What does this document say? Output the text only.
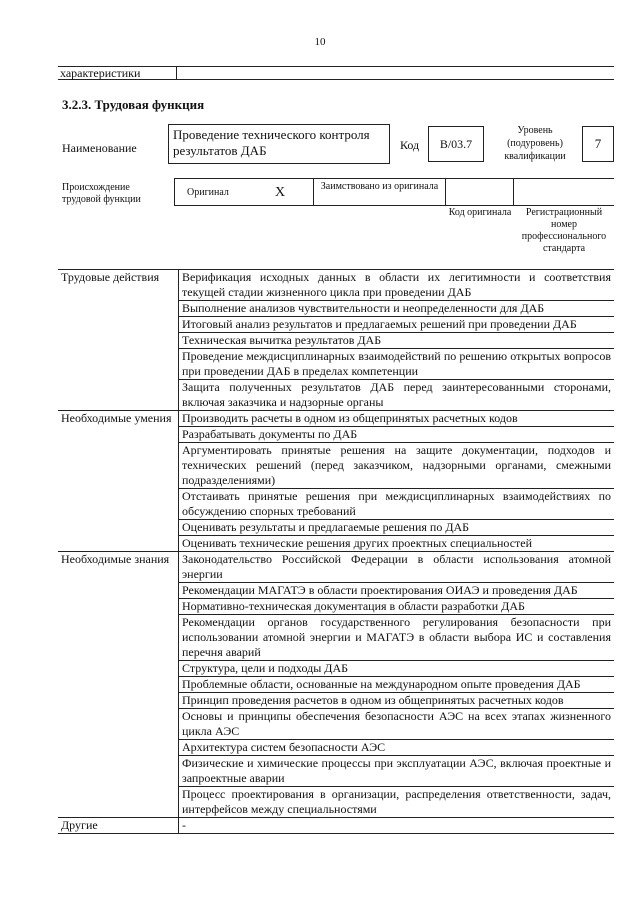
10
характеристики	
3.2.3. Трудовая функция
Наименование
Проведение технического контроля результатов ДАБ	Код	B/03.7
Уровень (подуровень) квалификации
7
Происхождение трудовой функции
Оригинал	X	Заимствовано из оригинала
Код оригинала	Регистрационный номер профессионального стандарта
Трудовые действия	Верификация исходных данных в области их легитимности и соответствия текущей стадии жизненного цикла при проведении ДАБ
	Выполнение анализов чувствительности и неопределенности для ДАБ
	Итоговый анализ результатов и предлагаемых решений при проведении ДАБ
	Техническая вычитка результатов ДАБ
	Проведение междисциплинарных взаимодействий по решению открытых вопросов при проведении ДАБ в пределах компетенции
	Защита полученных результатов ДАБ перед заинтересованными сторонами, включая заказчика и надзорные органы
Необходимые умения	Производить расчеты в одном из общепринятых расчетных кодов
	Разрабатывать документы по ДАБ
	Аргументировать принятые решения на защите документации, подходов и технических решений (перед заказчиком, надзорными органами, смежными подразделениями)
	Отстаивать принятые решения при междисциплинарных взаимодействиях по обсуждению спорных требований
	Оценивать результаты и предлагаемые решения по ДАБ
	Оценивать технические решения других проектных специальностей
Необходимые знания	Законодательство Российской Федерации в области использования атомной энергии
	Рекомендации МАГАТЭ в области проектирования ОИАЭ и проведения ДАБ
	Нормативно-техническая документация в области разработки ДАБ
	Рекомендации органов государственного регулирования безопасности при использовании атомной энергии и МАГАТЭ в области выбора ИС и составления перечня аварий
	Структура, цели и подходы ДАБ
	Проблемные области, основанные на международном опыте проведения ДАБ
	Принцип проведения расчетов в одном из общепринятых расчетных кодов
	Основы и принципы обеспечения безопасности АЭС на всех этапах жизненного цикла АЭС
	Архитектура систем безопасности АЭС
	Физические и химические процессы при эксплуатации АЭС, включая проектные и запроектные аварии
	Процесс проектирования в организации, распределения ответственности, задач, интерфейсов между специальностями
Другие	-
